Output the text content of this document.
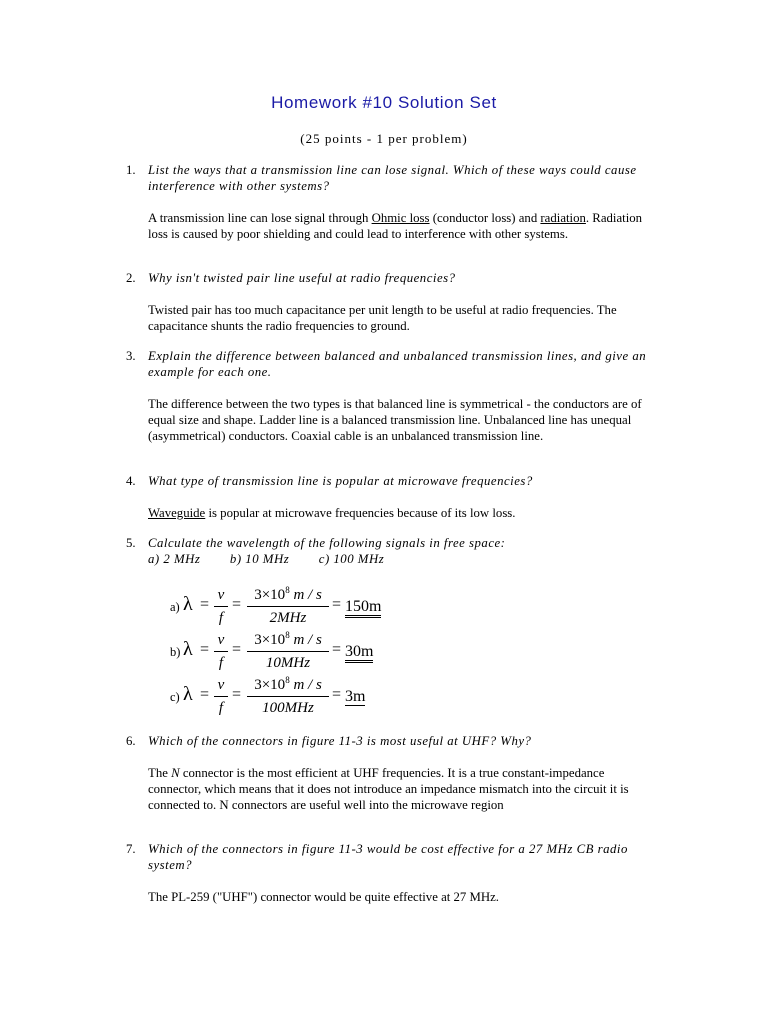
Homework #10 Solution Set
(25 points - 1 per problem)
1. List the ways that a transmission line can lose signal. Which of these ways could cause interference with other systems?
A transmission line can lose signal through Ohmic loss (conductor loss) and radiation. Radiation loss is caused by poor shielding and could lead to interference with other systems.
2. Why isn't twisted pair line useful at radio frequencies?
Twisted pair has too much capacitance per unit length to be useful at radio frequencies. The capacitance shunts the radio frequencies to ground.
3. Explain the difference between balanced and unbalanced transmission lines, and give an example for each one.
The difference between the two types is that balanced line is symmetrical - the conductors are of equal size and shape. Ladder line is a balanced transmission line. Unbalanced line has unequal (asymmetrical) conductors. Coaxial cable is an unbalanced transmission line.
4. What type of transmission line is popular at microwave frequencies?
Waveguide is popular at microwave frequencies because of its low loss.
5. Calculate the wavelength of the following signals in free space:
a) 2 MHz        b) 10 MHz        c) 100 MHz
a) λ =
v
f
=
$3\times 10^8$ m / s
2MHz
= 150m
b) λ =
v
f
=
$3\times 10^8$ m / s
10MHz
= 30m
c) λ =
v
f
=
$3\times 10^8$ m / s
100MHz
= 3m
6. Which of the connectors in figure 11-3 is most useful at UHF? Why?
The N connector is the most efficient at UHF frequencies. It is a true constant-impedance connector, which means that it does not introduce an impedance mismatch into the circuit it is connected to. N connectors are useful well into the microwave region
7. Which of the connectors in figure 11-3 would be cost effective for a 27 MHz CB radio system?
The PL-259 ("UHF") connector would be quite effective at 27 MHz.
